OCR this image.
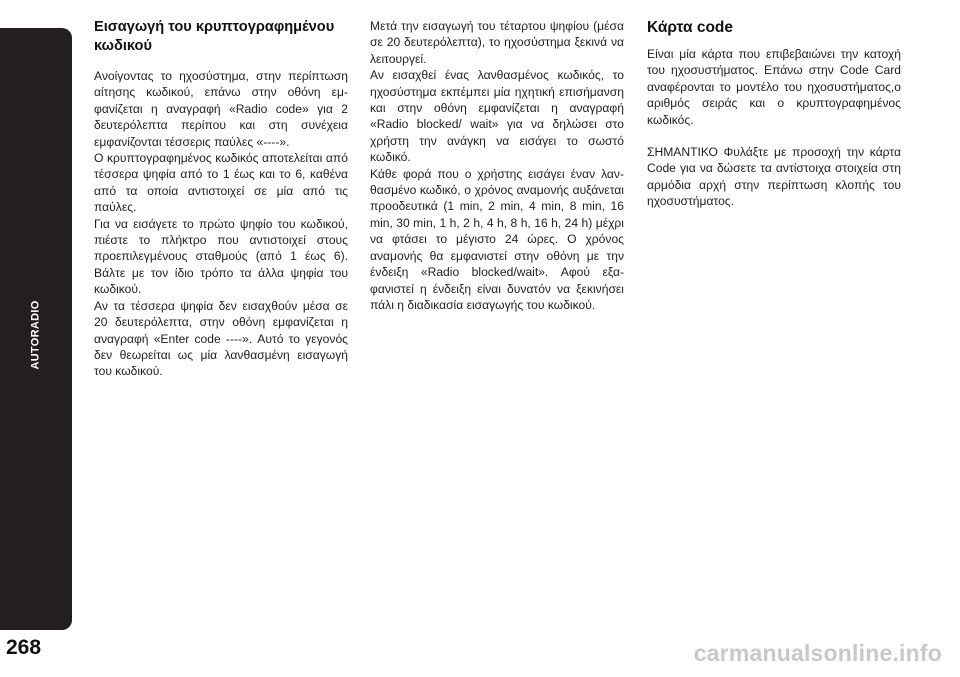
AUTORADIO
268
Εισαγωγή του κρυπτογραφημένου κωδικού

Ανοίγοντας το ηχοσύστημα, στην περίπτωση αίτησης κωδικού, επάνω στην οθόνη εμφανίζεται η αναγραφή «Radio code» για 2 δευτερόλεπτα περίπου και στη συνέχεια εμφανίζονται τέσσερις παύλες «----».

Ο κρυπτογραφημένος κωδικός αποτελείται από τέσσερα ψηφία από το 1 έως και το 6, καθένα από τα οποία αντιστοιχεί σε μία από τις παύλες.

Για να εισάγετε το πρώτο ψηφίο του κωδικού, πιέστε το πλήκτρο που αντιστοιχεί στους προεπιλεγμένους σταθμούς (από 1 έως 6). Βάλτε με τον ίδιο τρόπο τα άλλα ψηφία του κωδικού.

Αν τα τέσσερα ψηφία δεν εισαχθούν μέσα σε 20 δευτερόλεπτα, στην οθόνη εμφανίζεται η αναγραφή «Enter code ----». Αυτό το γεγονός δεν θεωρείται ως μία λανθασμένη εισαγωγή του κωδικού.

Μετά την εισαγωγή του τέταρτου ψηφίου (μέσα σε 20 δευτερόλεπτα), το ηχοσύστημα ξεκινά να λειτουργεί.

Αν εισαχθεί ένας λανθασμένος κωδικός, το ηχοσύστημα εκπέμπει μία ηχητική επισήμανση και στην οθόνη εμφανίζεται η αναγραφή «Radio blocked/ wait» για να δηλώσει στο χρήστη την ανάγκη να εισάγει το σωστό κωδικό.

Κάθε φορά που ο χρήστης εισάγει έναν λανθασμένο κωδικό, ο χρόνος αναμονής αυξάνεται προοδευτικά (1 min, 2 min, 4 min, 8 min, 16 min, 30 min, 1 h, 2 h, 4 h, 8 h, 16 h, 24 h) μέχρι να φτάσει το μέγιστο 24 ώρες. Ο χρόνος αναμονής θα εμφανιστεί στην οθόνη με την ένδειξη «Radio blocked/wait». Αφού εξαφανιστεί η ένδειξη είναι δυνατόν να ξεκινήσει πάλι η διαδικασία εισαγωγής του κωδικού.

Κάρτα code

Είναι μία κάρτα που επιβεβαιώνει την κατοχή του ηχοσυστήματος. Επάνω στην Code Card αναφέρονται το μοντέλο του ηχοσυστήματος,ο αριθμός σειράς και ο κρυπτογραφημένος κωδικός.

ΣΗΜΑΝΤΙΚΟ Φυλάξτε με προσοχή την κάρτα Code για να δώσετε τα αντίστοιχα στοιχεία στη αρμόδια αρχή στην περίπτωση κλοπής του ηχοσυστήματος.

carmanualsonline.info
